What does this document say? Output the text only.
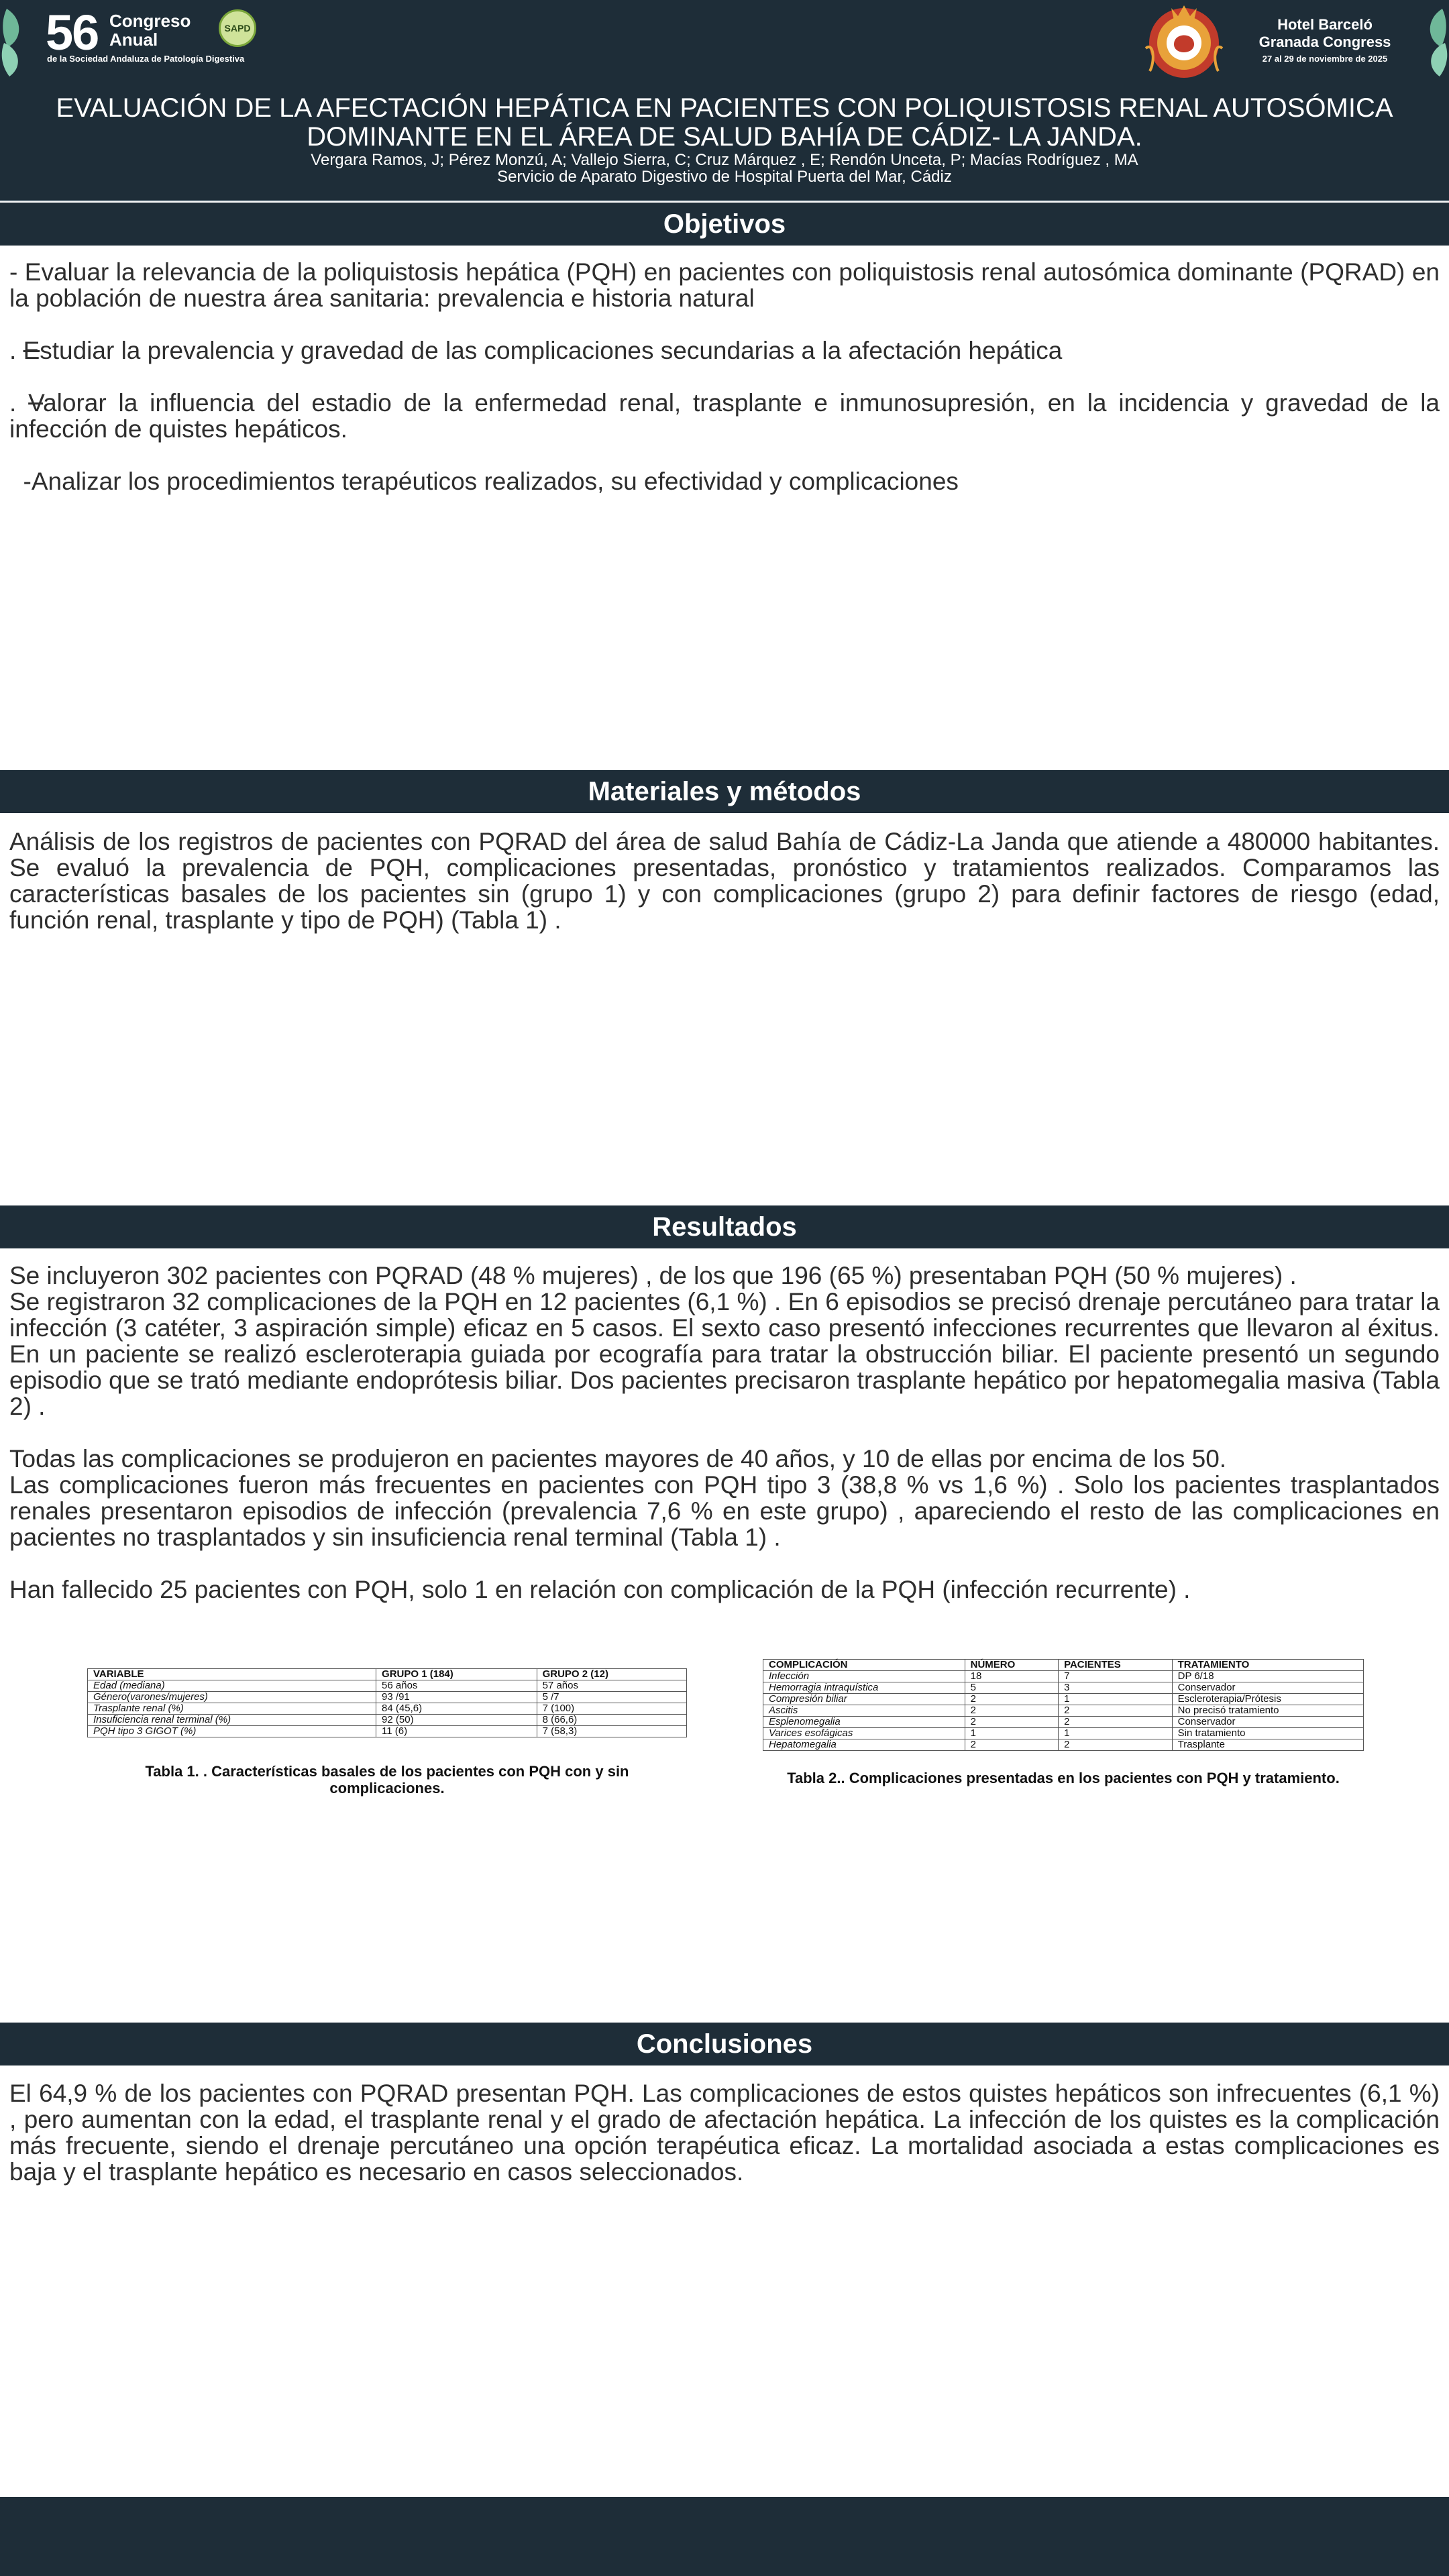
56 Congreso
Anual
de la Sociedad Andaluza de Patología Digestiva
SAPD	Hotel Barceló
Granada Congress
27 al 29 de noviembre de 2025
EVALUACIÓN DE LA AFECTACIÓN HEPÁTICA EN PACIENTES CON POLIQUISTOSIS RENAL AUTOSÓMICA
DOMINANTE EN EL ÁREA DE SALUD BAHÍA DE CÁDIZ- LA JANDA.
Vergara Ramos, J; Pérez Monzú, A; Vallejo Sierra, C; Cruz Márquez , E; Rendón Unceta, P; Macías Rodríguez , MA
Servicio de Aparato Digestivo de Hospital Puerta del Mar, Cádiz
Objetivos

- Evaluar la relevancia de la poliquistosis hepática (PQH) en pacientes con poliquistosis renal autosómica dominante (PQRAD) en la población de nuestra área sanitaria: prevalencia e historia natural

. Estudiar la prevalencia y gravedad de las complicaciones secundarias a la afectación hepática

. Valorar la influencia del estadio de la enfermedad renal, trasplante e inmunosupresión, en la incidencia y gravedad de la infección de quistes hepáticos.

-Analizar los procedimientos terapéuticos realizados, su efectividad y complicaciones

Materiales y métodos

Análisis de los registros de pacientes con PQRAD del área de salud Bahía de Cádiz-La Janda que atiende a 480000 habitantes. Se evaluó la prevalencia de PQH, complicaciones presentadas, pronóstico y tratamientos realizados. Comparamos las características basales de los pacientes sin (grupo 1) y con complicaciones (grupo 2) para definir factores de riesgo (edad, función renal, trasplante y tipo de PQH) (Tabla 1) .

Resultados

Se incluyeron 302 pacientes con PQRAD (48 % mujeres) , de los que 196 (65 %) presentaban PQH (50 % mujeres) .

Se registraron 32 complicaciones de la PQH en 12 pacientes (6,1 %) . En 6 episodios se precisó drenaje percutáneo para tratar la infección (3 catéter, 3 aspiración simple) eficaz en 5 casos. El sexto caso presentó infecciones recurrentes que llevaron al éxitus. En un paciente se realizó escleroterapia guiada por ecografía para tratar la obstrucción biliar. El paciente presentó un segundo episodio que se trató mediante endoprótesis biliar. Dos pacientes precisaron trasplante hepático por hepatomegalia masiva (Tabla 2) .

Todas las complicaciones se produjeron en pacientes mayores de 40 años, y 10 de ellas por encima de los 50.

Las complicaciones fueron más frecuentes en pacientes con PQH tipo 3 (38,8 % vs 1,6 %) . Solo los pacientes trasplantados renales presentaron episodios de infección (prevalencia 7,6 % en este grupo) , apareciendo el resto de las complicaciones en pacientes no trasplantados y sin insuficiencia renal terminal (Tabla 1) .

Han fallecido 25 pacientes con PQH, solo 1 en relación con complicación de la PQH (infección recurrente) .

VARIABLE	GRUPO 1 (184)	GRUPO 2 (12)
Edad (mediana)	56 años	57 años
Género(varones/mujeres)	93 /91	5 /7
Trasplante renal (%)	84 (45,6)	7 (100)
Insuficiencia renal terminal (%)	92 (50)	8 (66,6)
PQH tipo 3 GIGOT (%)	11 (6)	7 (58,3)
Tabla 1. . Características basales de los pacientes con PQH con y sin complicaciones.
COMPLICACIÓN	NÚMERO	PACIENTES	TRATAMIENTO
Infección	18	7	DP 6/18
Hemorragia intraquística	5	3	Conservador
Compresión biliar	2	1	Escleroterapia/Prótesis
Ascitis	2	2	No precisó tratamiento
Esplenomegalia	2	2	Conservador
Varices esofágicas	1	1	Sin tratamiento
Hepatomegalia	2	2	Trasplante
Tabla 2.. Complicaciones presentadas en los pacientes con PQH y tratamiento.
Conclusiones

El 64,9 % de los pacientes con PQRAD presentan PQH. Las complicaciones de estos quistes hepáticos son infrecuentes (6,1 %) , pero aumentan con la edad, el trasplante renal y el grado de afectación hepática. La infección de los quistes es la complicación más frecuente, siendo el drenaje percutáneo una opción terapéutica eficaz. La mortalidad asociada a estas complicaciones es baja y el trasplante hepático es necesario en casos seleccionados.
